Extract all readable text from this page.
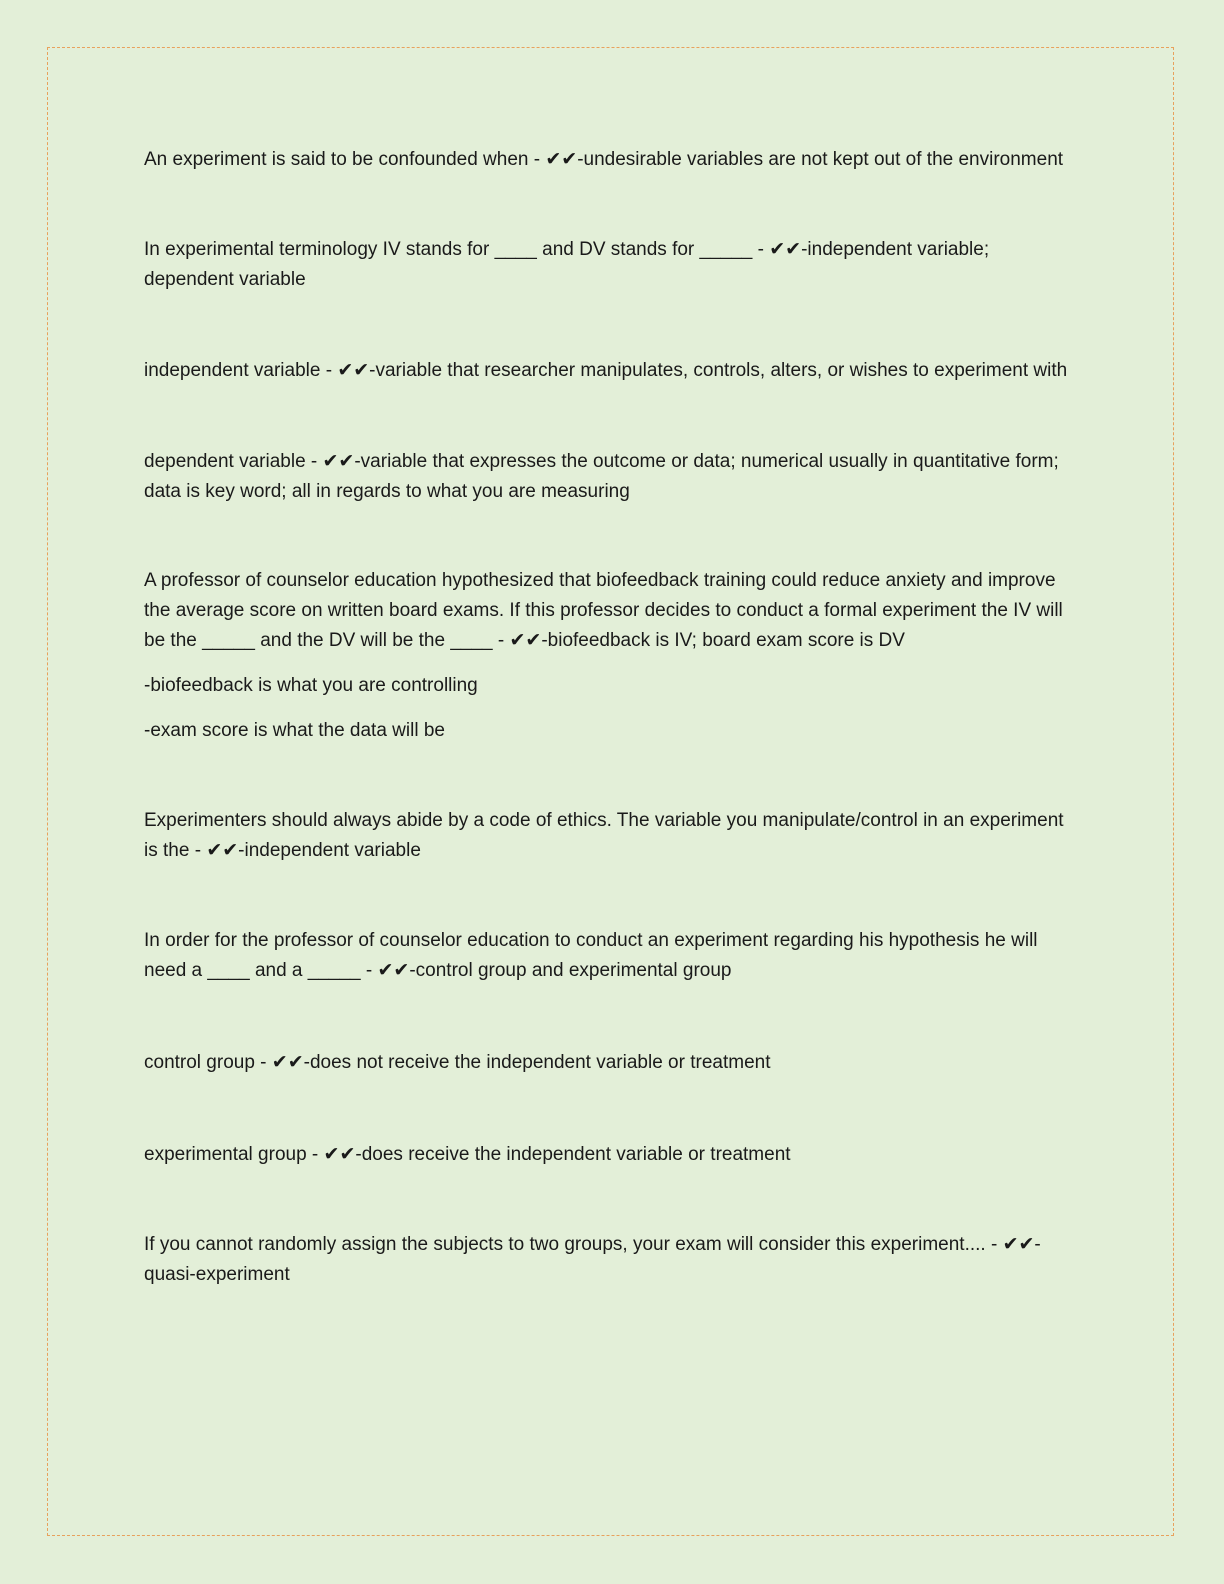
An experiment is said to be confounded when - ✔✔-undesirable variables are not kept out of the environment

In experimental terminology IV stands for ____ and DV stands for _____ - ✔✔-independent variable; dependent variable

independent variable - ✔✔-variable that researcher manipulates, controls, alters, or wishes to experiment with

dependent variable - ✔✔-variable that expresses the outcome or data; numerical usually in quantitative form; data is key word; all in regards to what you are measuring

A professor of counselor education hypothesized that biofeedback training could reduce anxiety and improve the average score on written board exams. If this professor decides to conduct a formal experiment the IV will be the _____ and the DV will be the ____ - ✔✔-biofeedback is IV; board exam score is DV

-biofeedback is what you are controlling

-exam score is what the data will be

Experimenters should always abide by a code of ethics. The variable you manipulate/control in an experiment is the - ✔✔-independent variable

In order for the professor of counselor education to conduct an experiment regarding his hypothesis he will need a ____ and a _____ - ✔✔-control group and experimental group

control group - ✔✔-does not receive the independent variable or treatment

experimental group - ✔✔-does receive the independent variable or treatment

If you cannot randomly assign the subjects to two groups, your exam will consider this experiment.... - ✔✔-quasi-experiment
